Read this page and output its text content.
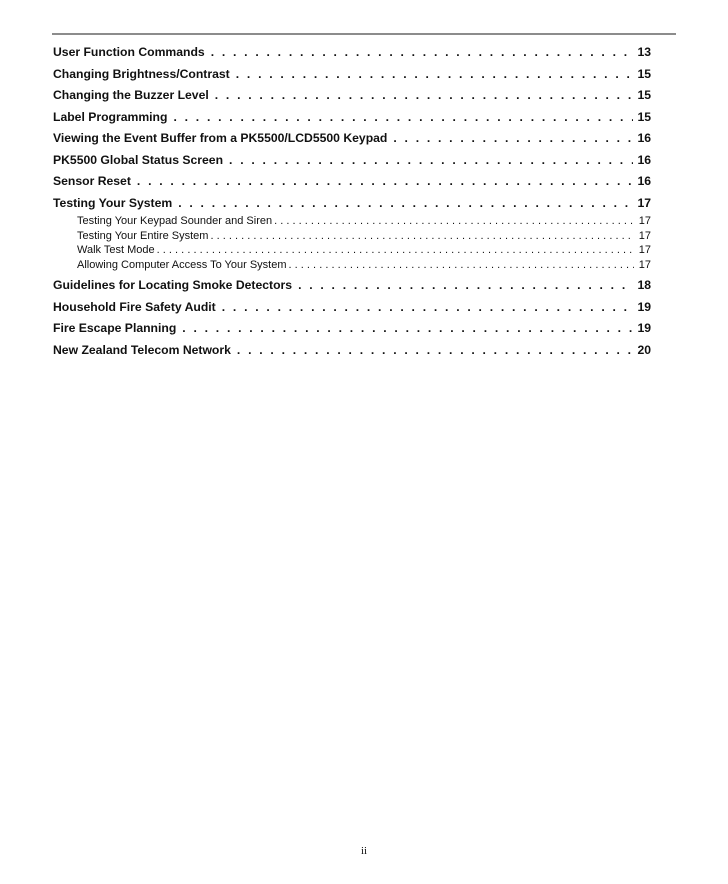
User Function Commands . . .	13
Changing Brightness/Contrast . . .	15
Changing the Buzzer Level . . .	15
Label Programming . . .	15
Viewing the Event Buffer from a PK5500/LCD5500 Keypad . . .	16
PK5500 Global Status Screen . . .	16
Sensor Reset . . .	16
Testing Your System . . .	17
Testing Your Keypad Sounder and Siren .....	17
Testing Your Entire System .....	17
Walk Test Mode .....	17
Allowing Computer Access To Your System .....	17
Guidelines for Locating Smoke Detectors . . .	18
Household Fire Safety Audit . . .	19
Fire Escape Planning . . .	19
New Zealand Telecom Network . . .	20
ii
